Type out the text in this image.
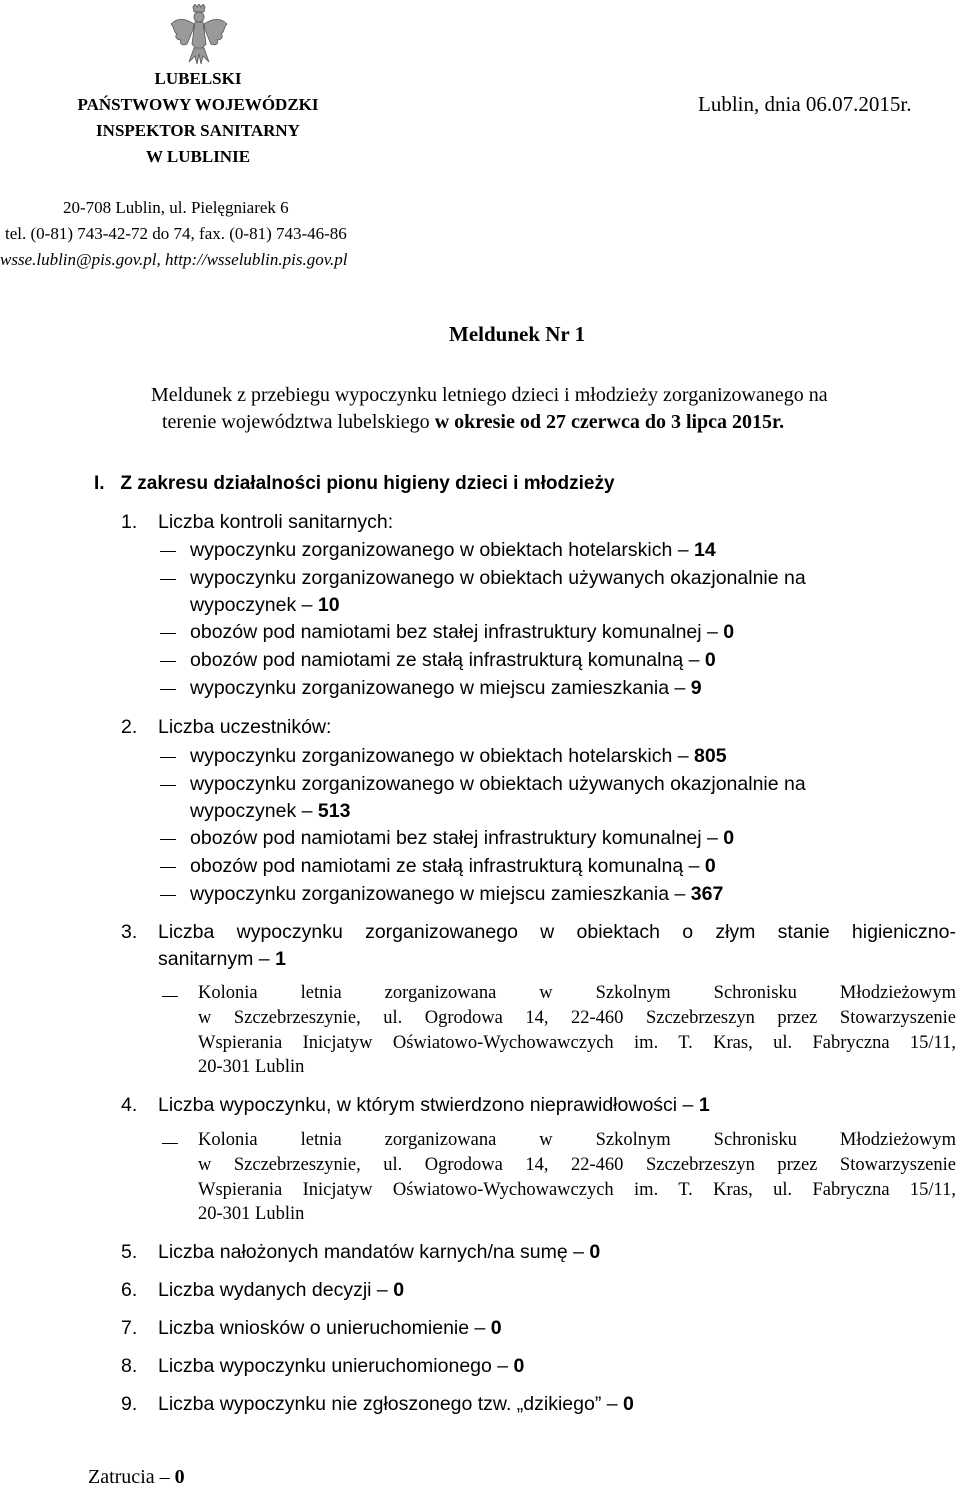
LUBELSKI
PAŃSTWOWY WOJEWÓDZKI
INSPEKTOR SANITARNY
W LUBLINIE
20-708 Lublin, ul. Pielęgniarek 6
tel. (0-81) 743-42-72 do 74, fax. (0-81) 743-46-86
wsse.lublin@pis.gov.pl, http://wsselublin.pis.gov.pl
Lublin, dnia 06.07.2015r.
Meldunek Nr 1
Meldunek z przebiegu wypoczynku letniego dzieci i młodzieży zorganizowanego na
terenie województwa lubelskiego w okresie od 27 czerwca do 3 lipca 2015r.
I. Z zakresu działalności pionu higieny dzieci i młodzieży
1. Liczba kontroli sanitarnych:
wypoczynku zorganizowanego w obiektach hotelarskich – 14
wypoczynku zorganizowanego w obiektach używanych okazjonalnie na
wypoczynek – 10
obozów pod namiotami bez stałej infrastruktury komunalnej – 0
obozów pod namiotami ze stałą infrastrukturą komunalną – 0
wypoczynku zorganizowanego w miejscu zamieszkania – 9
2. Liczba uczestników:
wypoczynku zorganizowanego w obiektach hotelarskich – 805
wypoczynku zorganizowanego w obiektach używanych okazjonalnie na
wypoczynek – 513
obozów pod namiotami bez stałej infrastruktury komunalnej – 0
obozów pod namiotami ze stałą infrastrukturą komunalną – 0
wypoczynku zorganizowanego w miejscu zamieszkania – 367
3. Liczba wypoczynku zorganizowanego w obiektach o złym stanie higieniczno-
sanitarnym – 1
Kolonia letnia zorganizowana w Szkolnym Schronisku Młodzieżowym
w Szczebrzeszynie, ul. Ogrodowa 14, 22-460 Szczebrzeszyn przez Stowarzyszenie
Wspierania Inicjatyw Oświatowo-Wychowawczych im. T. Kras, ul. Fabryczna 15/11,
20-301 Lublin
4. Liczba wypoczynku, w którym stwierdzono nieprawidłowości – 1
Kolonia letnia zorganizowana w Szkolnym Schronisku Młodzieżowym
w Szczebrzeszynie, ul. Ogrodowa 14, 22-460 Szczebrzeszyn przez Stowarzyszenie
Wspierania Inicjatyw Oświatowo-Wychowawczych im. T. Kras, ul. Fabryczna 15/11,
20-301 Lublin
5. Liczba nałożonych mandatów karnych/na sumę – 0
6. Liczba wydanych decyzji – 0
7. Liczba wniosków o unieruchomienie – 0
8. Liczba wypoczynku unieruchomionego – 0
9. Liczba wypoczynku nie zgłoszonego tzw. „dzikiego” – 0
Zatrucia – 0
